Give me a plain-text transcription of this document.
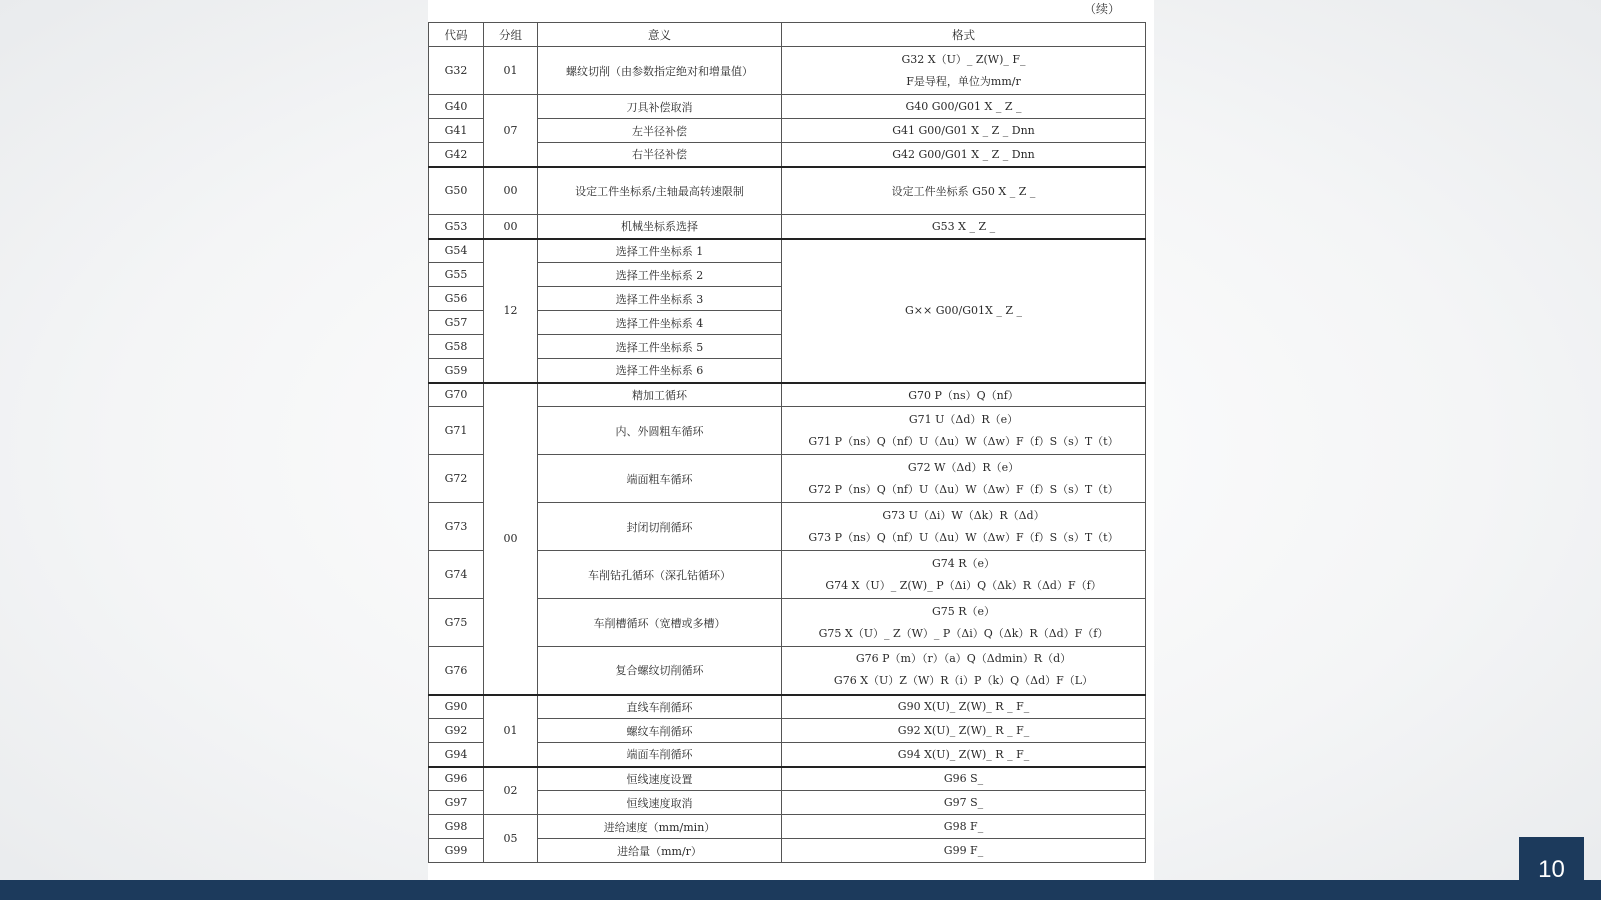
（续）
代码	分组	意义	格式
G32	01	螺纹切削（由参数指定绝对和增量值）	G32 X（U）_ Z(W)_ F_
F是导程，单位为mm/r

G40	07	刀具补偿取消	G40 G00/G01 X _ Z _
G41		左半径补偿	G41 G00/G01 X _ Z _ Dnn
G42		右半径补偿	G42 G00/G01 X _ Z _ Dnn
G50	00	设定工件坐标系/主轴最高转速限制	设定工件坐标系 G50 X _ Z _
G53	00	机械坐标系选择	G53 X _ Z _
G54	12	选择工件坐标系 1	G×× G00/G01X _ Z _
G55		选择工件坐标系 2	
G56		选择工件坐标系 3	
G57		选择工件坐标系 4	
G58		选择工件坐标系 5	
G59		选择工件坐标系 6	
G70	00	精加工循环	G70 P（ns）Q（nf）
G71		内、外圆粗车循环	G71 U（Δd）R（e）
G71 P（ns）Q（nf）U（Δu）W（Δw）F（f）S（s）T（t）

G72		端面粗车循环	G72 W（Δd）R（e）
G72 P（ns）Q（nf）U（Δu）W（Δw）F（f）S（s）T（t）

G73		封闭切削循环	G73 U（Δi）W（Δk）R（Δd）
G73 P（ns）Q（nf）U（Δu）W（Δw）F（f）S（s）T（t）

G74		车削钻孔循环（深孔钻循环）	G74 R（e）
G74 X（U）_ Z(W)_ P（Δi）Q（Δk）R（Δd）F（f）

G75		车削槽循环（宽槽或多槽）	G75 R（e）
G75 X（U）_ Z（W）_ P（Δi）Q（Δk）R（Δd）F（f）

G76		复合螺纹切削循环	G76 P（m）（r）（a）Q（Δdmin）R（d）
G76 X（U）Z（W）R（i）P（k）Q（Δd）F（L）

G90	01	直线车削循环	G90 X(U)_ Z(W)_ R _ F_
G92		螺纹车削循环	G92 X(U)_ Z(W)_ R _ F_
G94		端面车削循环	G94 X(U)_ Z(W)_ R _ F_
G96	02	恒线速度设置	G96 S_
G97		恒线速度取消	G97 S_
G98	05	进给速度（mm/min）	G98 F_
G99		进给量（mm/r）	G99 F_
10
